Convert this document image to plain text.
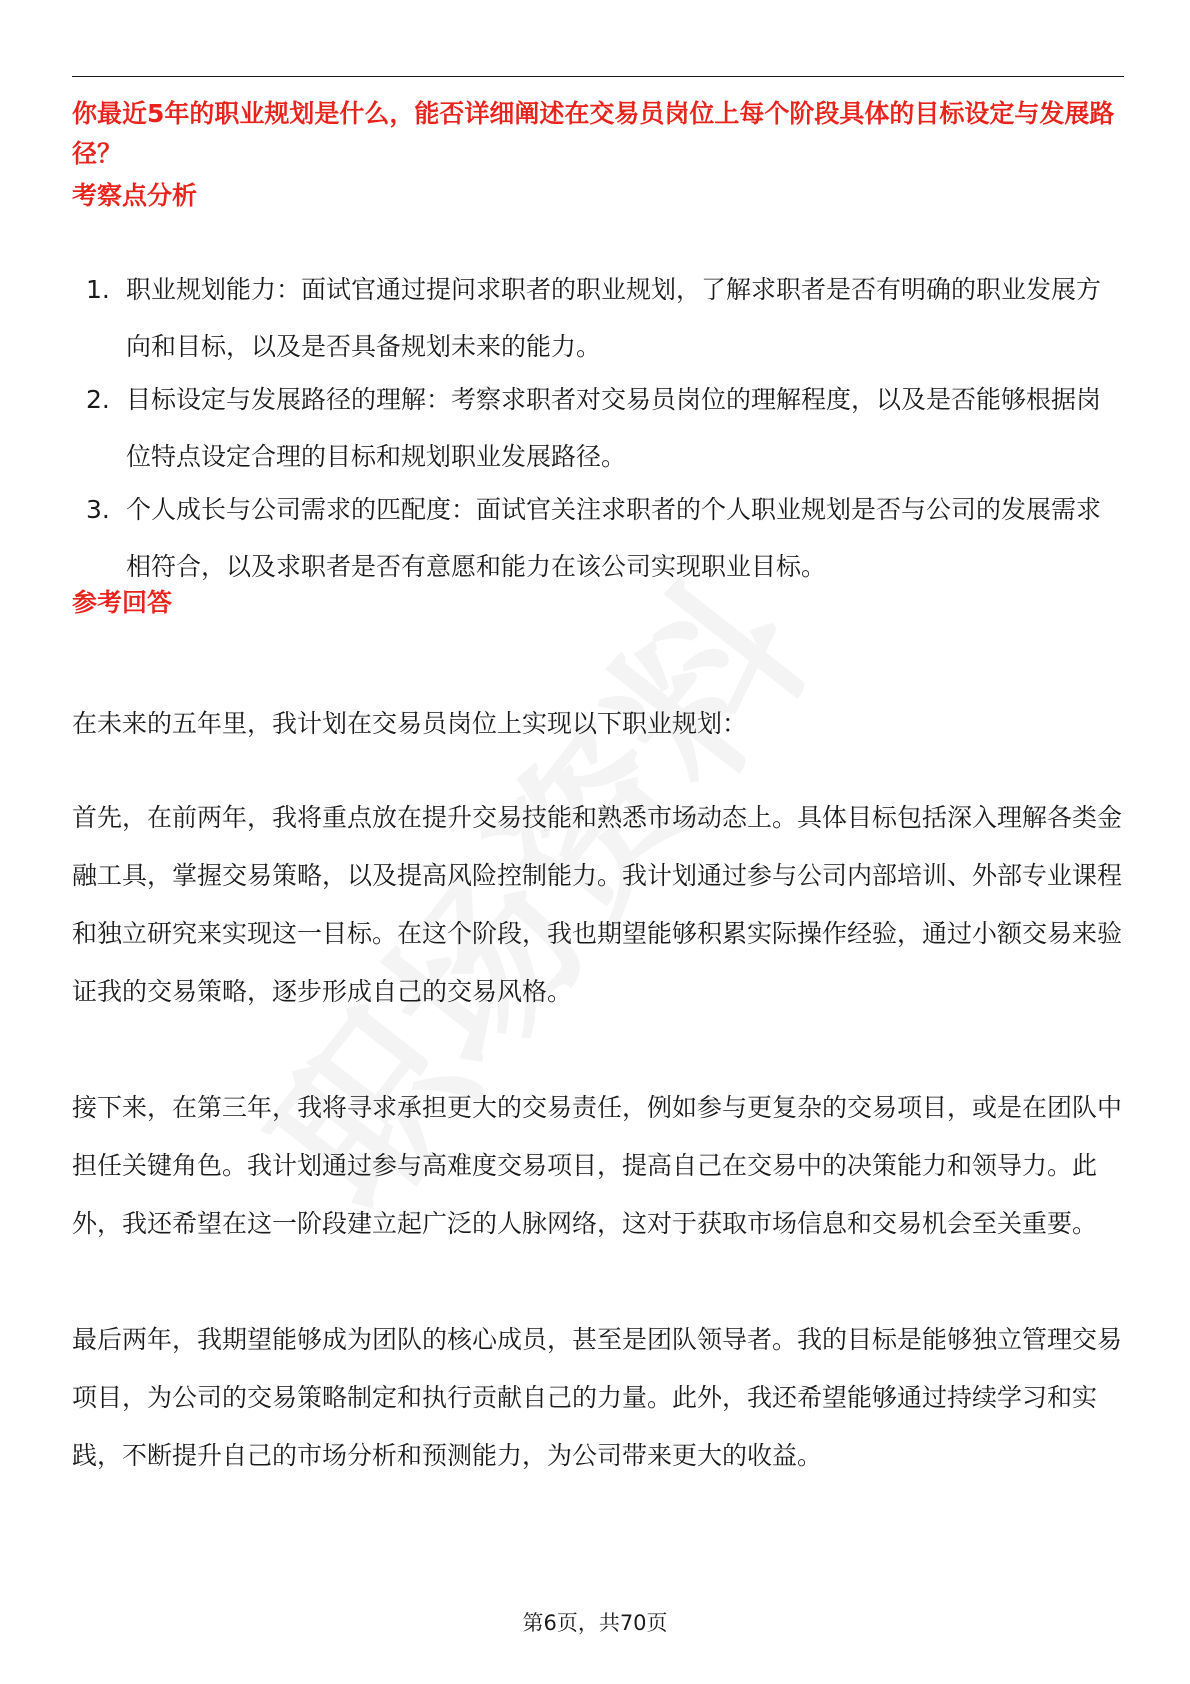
你最近5年的职业规划是什么，能否详细阐述在交易员岗位上每个阶段具体的目标设定与发展路径？
考察点分析
1. 职业规划能力：面试官通过提问求职者的职业规划，了解求职者是否有明确的职业发展方向和目标，以及是否具备规划未来的能力。
2. 目标设定与发展路径的理解：考察求职者对交易员岗位的理解程度，以及是否能够根据岗位特点设定合理的目标和规划职业发展路径。
3. 个人成长与公司需求的匹配度：面试官关注求职者的个人职业规划是否与公司的发展需求相符合，以及求职者是否有意愿和能力在该公司实现职业目标。
参考回答

在未来的五年里，我计划在交易员岗位上实现以下职业规划：

首先，在前两年，我将重点放在提升交易技能和熟悉市场动态上。具体目标包括深入理解各类金融工具，掌握交易策略，以及提高风险控制能力。我计划通过参与公司内部培训、外部专业课程和独立研究来实现这一目标。在这个阶段，我也期望能够积累实际操作经验，通过小额交易来验证我的交易策略，逐步形成自己的交易风格。

接下来，在第三年，我将寻求承担更大的交易责任，例如参与更复杂的交易项目，或是在团队中担任关键角色。我计划通过参与高难度交易项目，提高自己在交易中的决策能力和领导力。此外，我还希望在这一阶段建立起广泛的人脉网络，这对于获取市场信息和交易机会至关重要。

最后两年，我期望能够成为团队的核心成员，甚至是团队领导者。我的目标是能够独立管理交易项目，为公司的交易策略制定和执行贡献自己的力量。此外，我还希望能够通过持续学习和实践，不断提升自己的市场分析和预测能力，为公司带来更大的收益。

第6页，共70页
